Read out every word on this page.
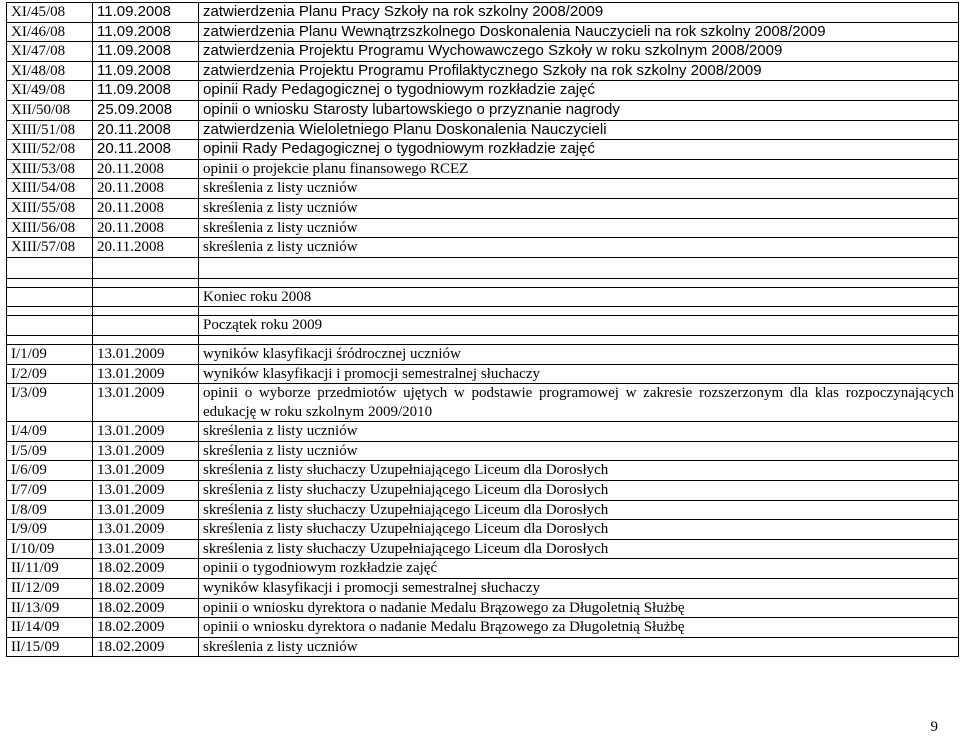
XI/45/08	11.09.2008	zatwierdzenia Planu Pracy Szkoły na rok szkolny 2008/2009
XI/46/08	11.09.2008	zatwierdzenia Planu Wewnątrzszkolnego Doskonalenia Nauczycieli na rok szkolny 2008/2009
XI/47/08	11.09.2008	zatwierdzenia Projektu Programu Wychowawczego Szkoły w roku szkolnym 2008/2009
XI/48/08	11.09.2008	zatwierdzenia Projektu Programu Profilaktycznego Szkoły na rok szkolny 2008/2009
XI/49/08	11.09.2008	opinii Rady Pedagogicznej o tygodniowym rozkładzie zajęć
XII/50/08	25.09.2008	opinii o wniosku Starosty lubartowskiego o przyznanie nagrody
XIII/51/08	20.11.2008	zatwierdzenia Wieloletniego Planu Doskonalenia Nauczycieli
XIII/52/08	20.11.2008	opinii Rady Pedagogicznej o tygodniowym rozkładzie zajęć
XIII/53/08	20.11.2008	opinii o projekcie planu finansowego RCEZ
XIII/54/08	20.11.2008	skreślenia z listy uczniów
XIII/55/08	20.11.2008	skreślenia z listy uczniów
XIII/56/08	20.11.2008	skreślenia z listy uczniów
XIII/57/08	20.11.2008	skreślenia z listy uczniów

		Koniec roku 2008

		Początek roku 2009

I/1/09	13.01.2009	wyników klasyfikacji śródrocznej uczniów
I/2/09	13.01.2009	wyników klasyfikacji i promocji semestralnej słuchaczy
I/3/09	13.01.2009	opinii o wyborze przedmiotów ujętych w podstawie programowej w zakresie rozszerzonym dla klas rozpoczynających edukację w roku szkolnym 2009/2010
I/4/09	13.01.2009	skreślenia z listy uczniów
I/5/09	13.01.2009	skreślenia z listy uczniów
I/6/09	13.01.2009	skreślenia z listy słuchaczy Uzupełniającego Liceum dla Dorosłych
I/7/09	13.01.2009	skreślenia z listy słuchaczy Uzupełniającego Liceum dla Dorosłych
I/8/09	13.01.2009	skreślenia z listy słuchaczy Uzupełniającego Liceum dla Dorosłych
I/9/09	13.01.2009	skreślenia z listy słuchaczy Uzupełniającego Liceum dla Dorosłych
I/10/09	13.01.2009	skreślenia z listy słuchaczy Uzupełniającego Liceum dla Dorosłych
II/11/09	18.02.2009	opinii o tygodniowym rozkładzie zajęć
II/12/09	18.02.2009	wyników klasyfikacji i promocji semestralnej słuchaczy
II/13/09	18.02.2009	opinii o wniosku dyrektora o nadanie Medalu Brązowego za Długoletnią Służbę
II/14/09	18.02.2009	opinii o wniosku dyrektora o nadanie Medalu Brązowego za Długoletnią Służbę
II/15/09	18.02.2009	skreślenia z listy uczniów
9
